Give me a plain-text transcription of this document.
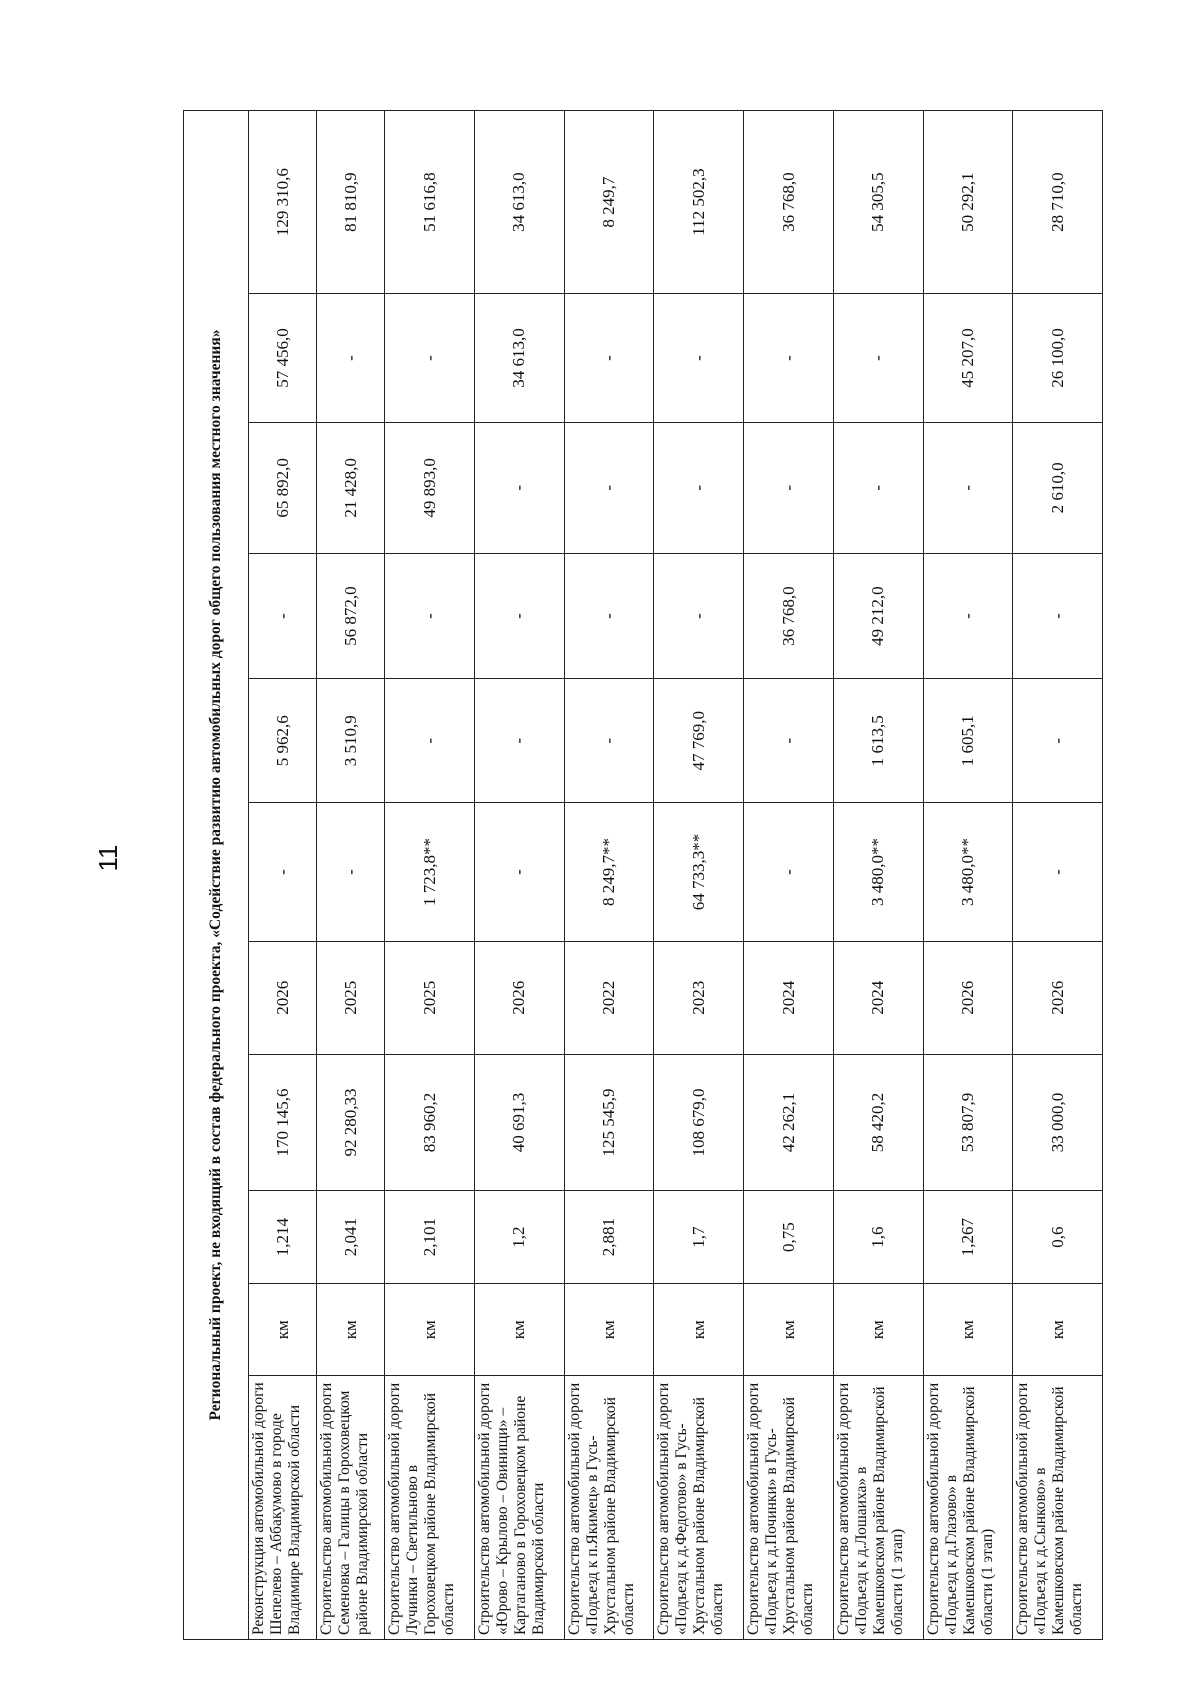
11	Региональный проект, не входящий в состав федерального проекта, «Содействие развитию автомобильных дорог общего пользования местного значения»										
Реконструкция автомобильной дороги Шепелево – Аббакумово в городе Владимире Владимирской области	км	1,214	170 145,6	2026	-	5 962,6	-	65 892,0	57 456,0	129 310,6
Строительство автомобильной дороги Семеновка – Галицы в Гороховецком районе Владимирской области	км	2,041	92 280,33	2025	-	3 510,9	56 872,0	21 428,0	-	81 810,9
Строительство автомобильной дороги Лучинки – Светильново в Гороховецком районе Владимирской области	км	2,101	83 960,2	2025	1 723,8**	-	-	49 893,0	-	51 616,8
Строительство автомобильной дороги «Юрово – Крылово – Овинищи» – Картаганово в Гороховецком районе Владимирской области	км	1,2	40 691,3	2026	-	-	-	-	34 613,0	34 613,0
Строительство автомобильной дороги «Подъезд к п.Якимец» в Гусь-Хрустальном районе Владимирской области	км	2,881	125 545,9	2022	8 249,7**	-	-	-	-	8 249,7
Строительство автомобильной дороги «Подъезд к д.Федотово» в Гусь-Хрустальном районе Владимирской области	км	1,7	108 679,0	2023	64 733,3**	47 769,0	-	-	-	112 502,3
Строительство автомобильной дороги «Подъезд к д.Починки» в Гусь-Хрустальном районе Владимирской области	км	0,75	42 262,1	2024	-	-	36 768,0	-	-	36 768,0
Строительство автомобильной дороги «Подъезд к д.Лошаиха» в Камешковском районе Владимирской области (1 этап)	км	1,6	58 420,2	2024	3 480,0**	1 613,5	49 212,0	-	-	54 305,5
Строительство автомобильной дороги «Подъезд к д.Глазово» в Камешковском районе Владимирской области (1 этап)	км	1,267	53 807,9	2026	3 480,0**	1 605,1	-	-	45 207,0	50 292,1
Строительство автомобильной дороги «Подъезд к д.Сынково» в Камешковском районе Владимирской области	км	0,6	33 000,0	2026	-	-	-	2 610,0	26 100,0	28 710,0
